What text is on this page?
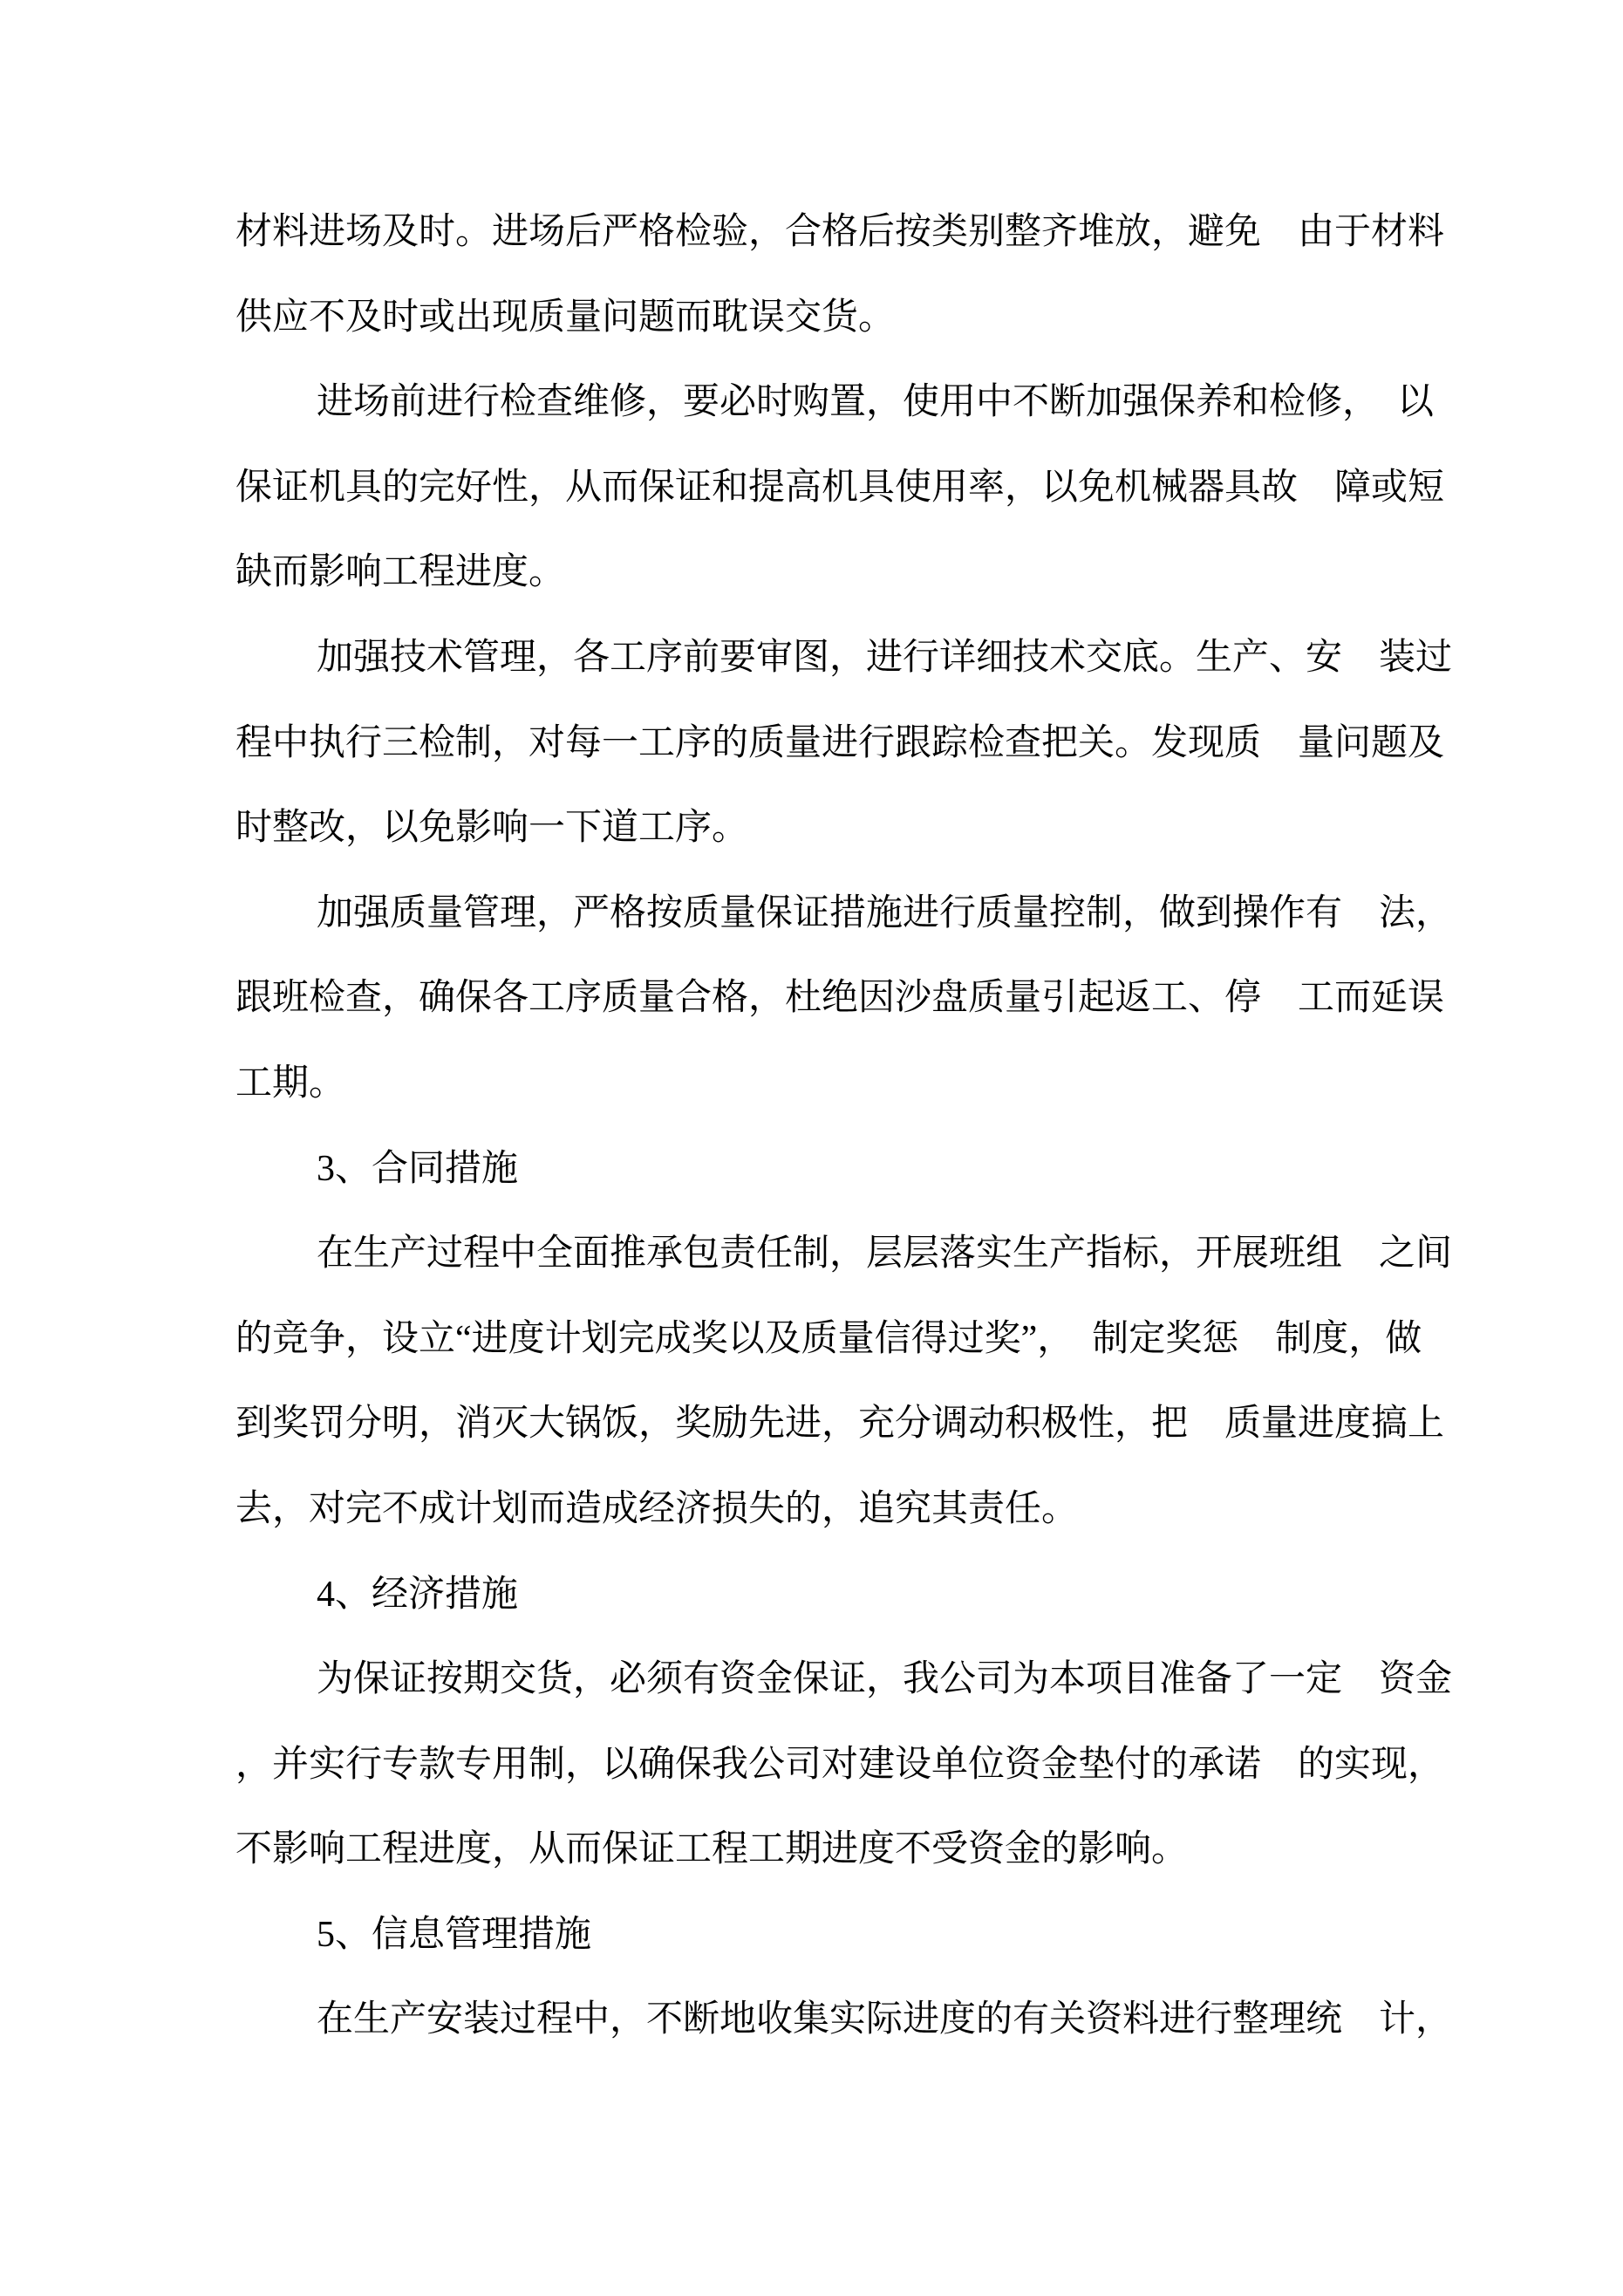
材料进场及时。进场后严格检验，合格后按类别整齐堆放，避免　由于材料
供应不及时或出现质量问题而耽误交货。
进场前进行检查维修，要必时购置，使用中不断加强保养和检修，　以
保证机具的完好性，从而保证和提高机具使用率，以免机械器具故　障或短
缺而影响工程进度。
加强技术管理，各工序前要审图，进行详细技术交底。生产、安　装过
程中执行三检制，对每一工序的质量进行跟踪检查把关。发现质　量问题及
时整改，以免影响一下道工序。
加强质量管理，严格按质量保证措施进行质量控制，做到操作有　法，
跟班检查，确保各工序质量合格，杜绝因沙盘质量引起返工、停　工而延误
工期。
3、合同措施
在生产过程中全面推承包责任制，层层落实生产指标，开展班组　之间
的竞争，设立“进度计划完成奖以及质量信得过奖”，　制定奖惩　制度，做
到奖罚分明，消灭大锅饭，奖励先进，充分调动积极性，把　质量进度搞上
去，对完不成计划而造成经济损失的，追究其责任。
4、经济措施
为保证按期交货，必须有资金保证，我公司为本项目准备了一定　资金
，并实行专款专用制，以确保我公司对建设单位资金垫付的承诺　的实现，
不影响工程进度，从而保证工程工期进度不受资金的影响。
5、信息管理措施
在生产安装过程中，不断地收集实际进度的有关资料进行整理统　计，
